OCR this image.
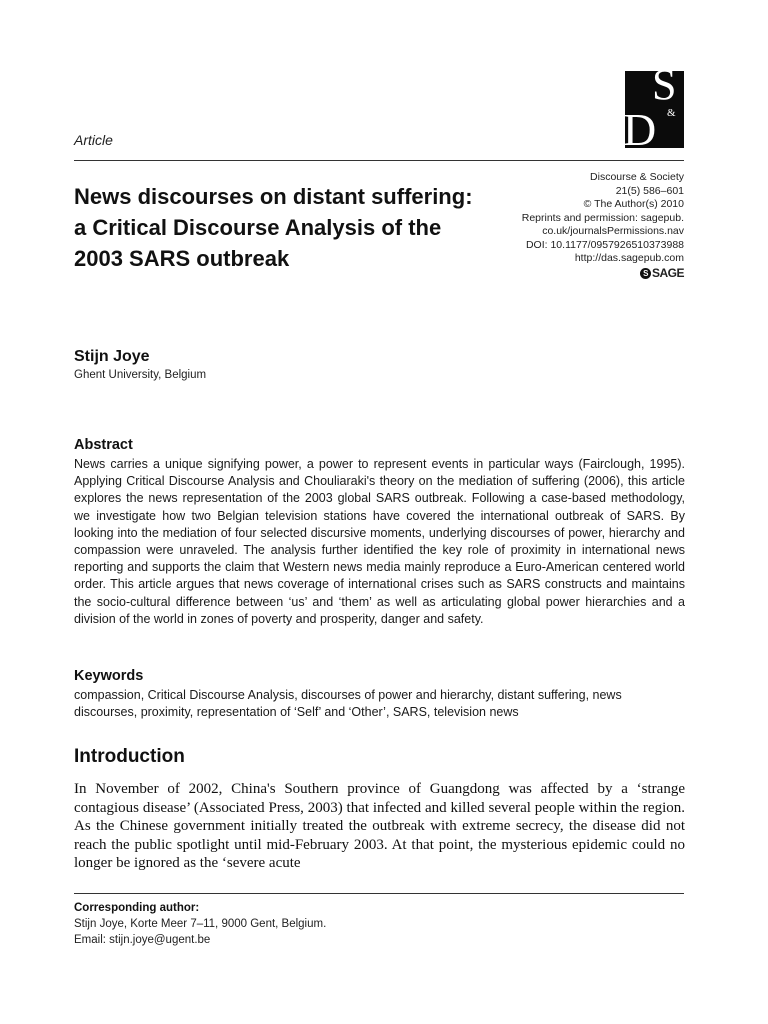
S
&
D
Article
News discourses on distant suffering: a Critical Discourse Analysis of the 2003 SARS outbreak
Discourse & Society
21(5) 586–601
© The Author(s) 2010
Reprints and permission: sagepub.
co.uk/journalsPermissions.nav
DOI: 10.1177/0957926510373988
http://das.sagepub.com
S SAGE
Stijn Joye
Ghent University, Belgium
Abstract

News carries a unique signifying power, a power to represent events in particular ways (Fairclough, 1995). Applying Critical Discourse Analysis and Chouliaraki's theory on the mediation of suffering (2006), this article explores the news representation of the 2003 global SARS outbreak. Following a case-based methodology, we investigate how two Belgian television stations have covered the international outbreak of SARS. By looking into the mediation of four selected discursive moments, underlying discourses of power, hierarchy and compassion were unraveled. The analysis further identified the key role of proximity in international news reporting and supports the claim that Western news media mainly reproduce a Euro-American centered world order. This article argues that news coverage of international crises such as SARS constructs and maintains the socio-cultural difference between ‘us’ and ‘them’ as well as articulating global power hierarchies and a division of the world in zones of poverty and prosperity, danger and safety.

Keywords

compassion, Critical Discourse Analysis, discourses of power and hierarchy, distant suffering, news discourses, proximity, representation of ‘Self’ and ‘Other’, SARS, television news

Introduction

In November of 2002, China's Southern province of Guangdong was affected by a ‘strange contagious disease’ (Associated Press, 2003) that infected and killed several people within the region. As the Chinese government initially treated the outbreak with extreme secrecy, the disease did not reach the public spotlight until mid-February 2003. At that point, the mysterious epidemic could no longer be ignored as the ‘severe acute

Corresponding author:
Stijn Joye, Korte Meer 7–11, 9000 Gent, Belgium.
Email: stijn.joye@ugent.be
